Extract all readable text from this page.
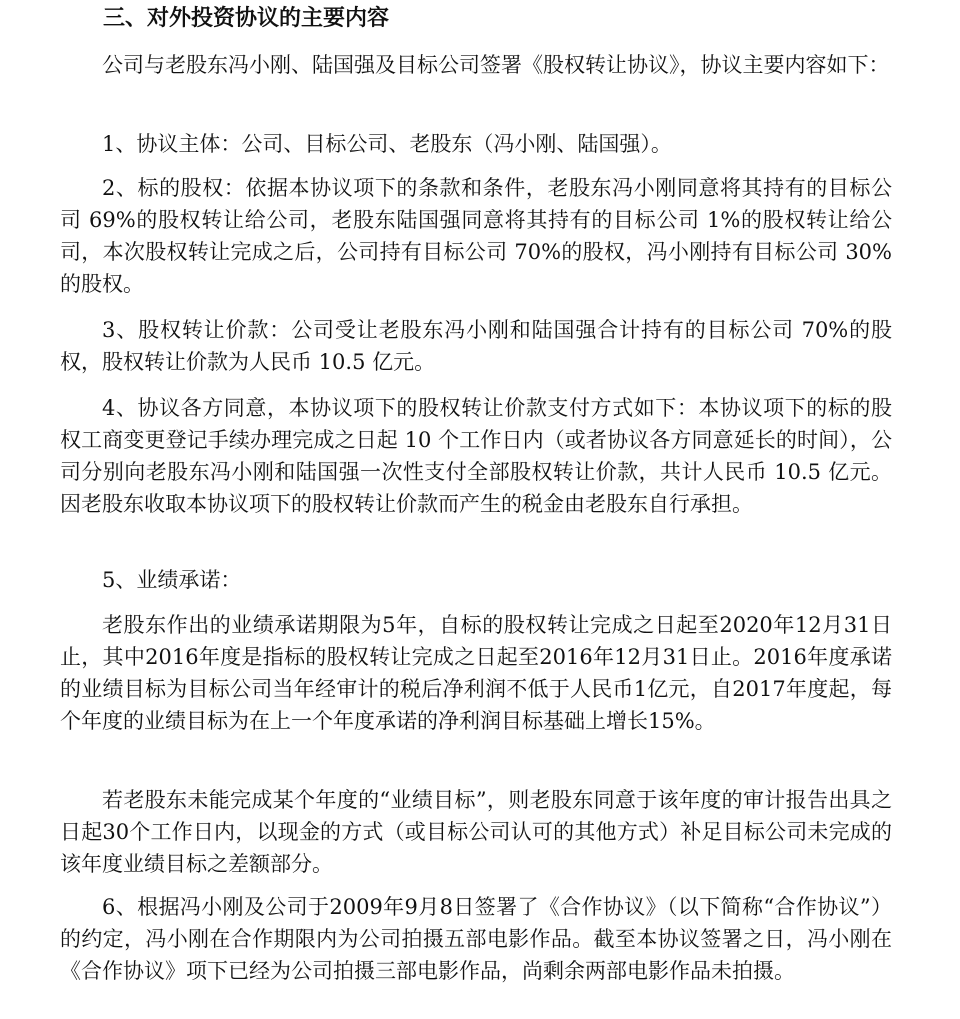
三、对外投资协议的主要内容

公司与老股东冯小刚、陆国强及目标公司签署《股权转让协议》，协议主要内容如下：

1、协议主体：公司、目标公司、老股东（冯小刚、陆国强）。

2、标的股权：依据本协议项下的条款和条件，老股东冯小刚同意将其持有的目标公司 69%的股权转让给公司，老股东陆国强同意将其持有的目标公司 1%的股权转让给公司，本次股权转让完成之后，公司持有目标公司 70%的股权，冯小刚持有目标公司 30%的股权。

3、股权转让价款：公司受让老股东冯小刚和陆国强合计持有的目标公司 70%的股权，股权转让价款为人民币 10.5 亿元。

4、协议各方同意，本协议项下的股权转让价款支付方式如下：本协议项下的标的股权工商变更登记手续办理完成之日起 10 个工作日内（或者协议各方同意延长的时间），公司分别向老股东冯小刚和陆国强一次性支付全部股权转让价款，共计人民币 10.5 亿元。因老股东收取本协议项下的股权转让价款而产生的税金由老股东自行承担。

5、业绩承诺：

老股东作出的业绩承诺期限为5年，自标的股权转让完成之日起至2020年12月31日止，其中2016年度是指标的股权转让完成之日起至2016年12月31日止。2016年度承诺的业绩目标为目标公司当年经审计的税后净利润不低于人民币1亿元，自2017年度起，每个年度的业绩目标为在上一个年度承诺的净利润目标基础上增长15%。

若老股东未能完成某个年度的“业绩目标”，则老股东同意于该年度的审计报告出具之日起30个工作日内，以现金的方式（或目标公司认可的其他方式）补足目标公司未完成的该年度业绩目标之差额部分。

6、根据冯小刚及公司于2009年9月8日签署了《合作协议》（以下简称“合作协议”）的约定，冯小刚在合作期限内为公司拍摄五部电影作品。截至本协议签署之日，冯小刚在《合作协议》项下已经为公司拍摄三部电影作品，尚剩余两部电影作品未拍摄。
